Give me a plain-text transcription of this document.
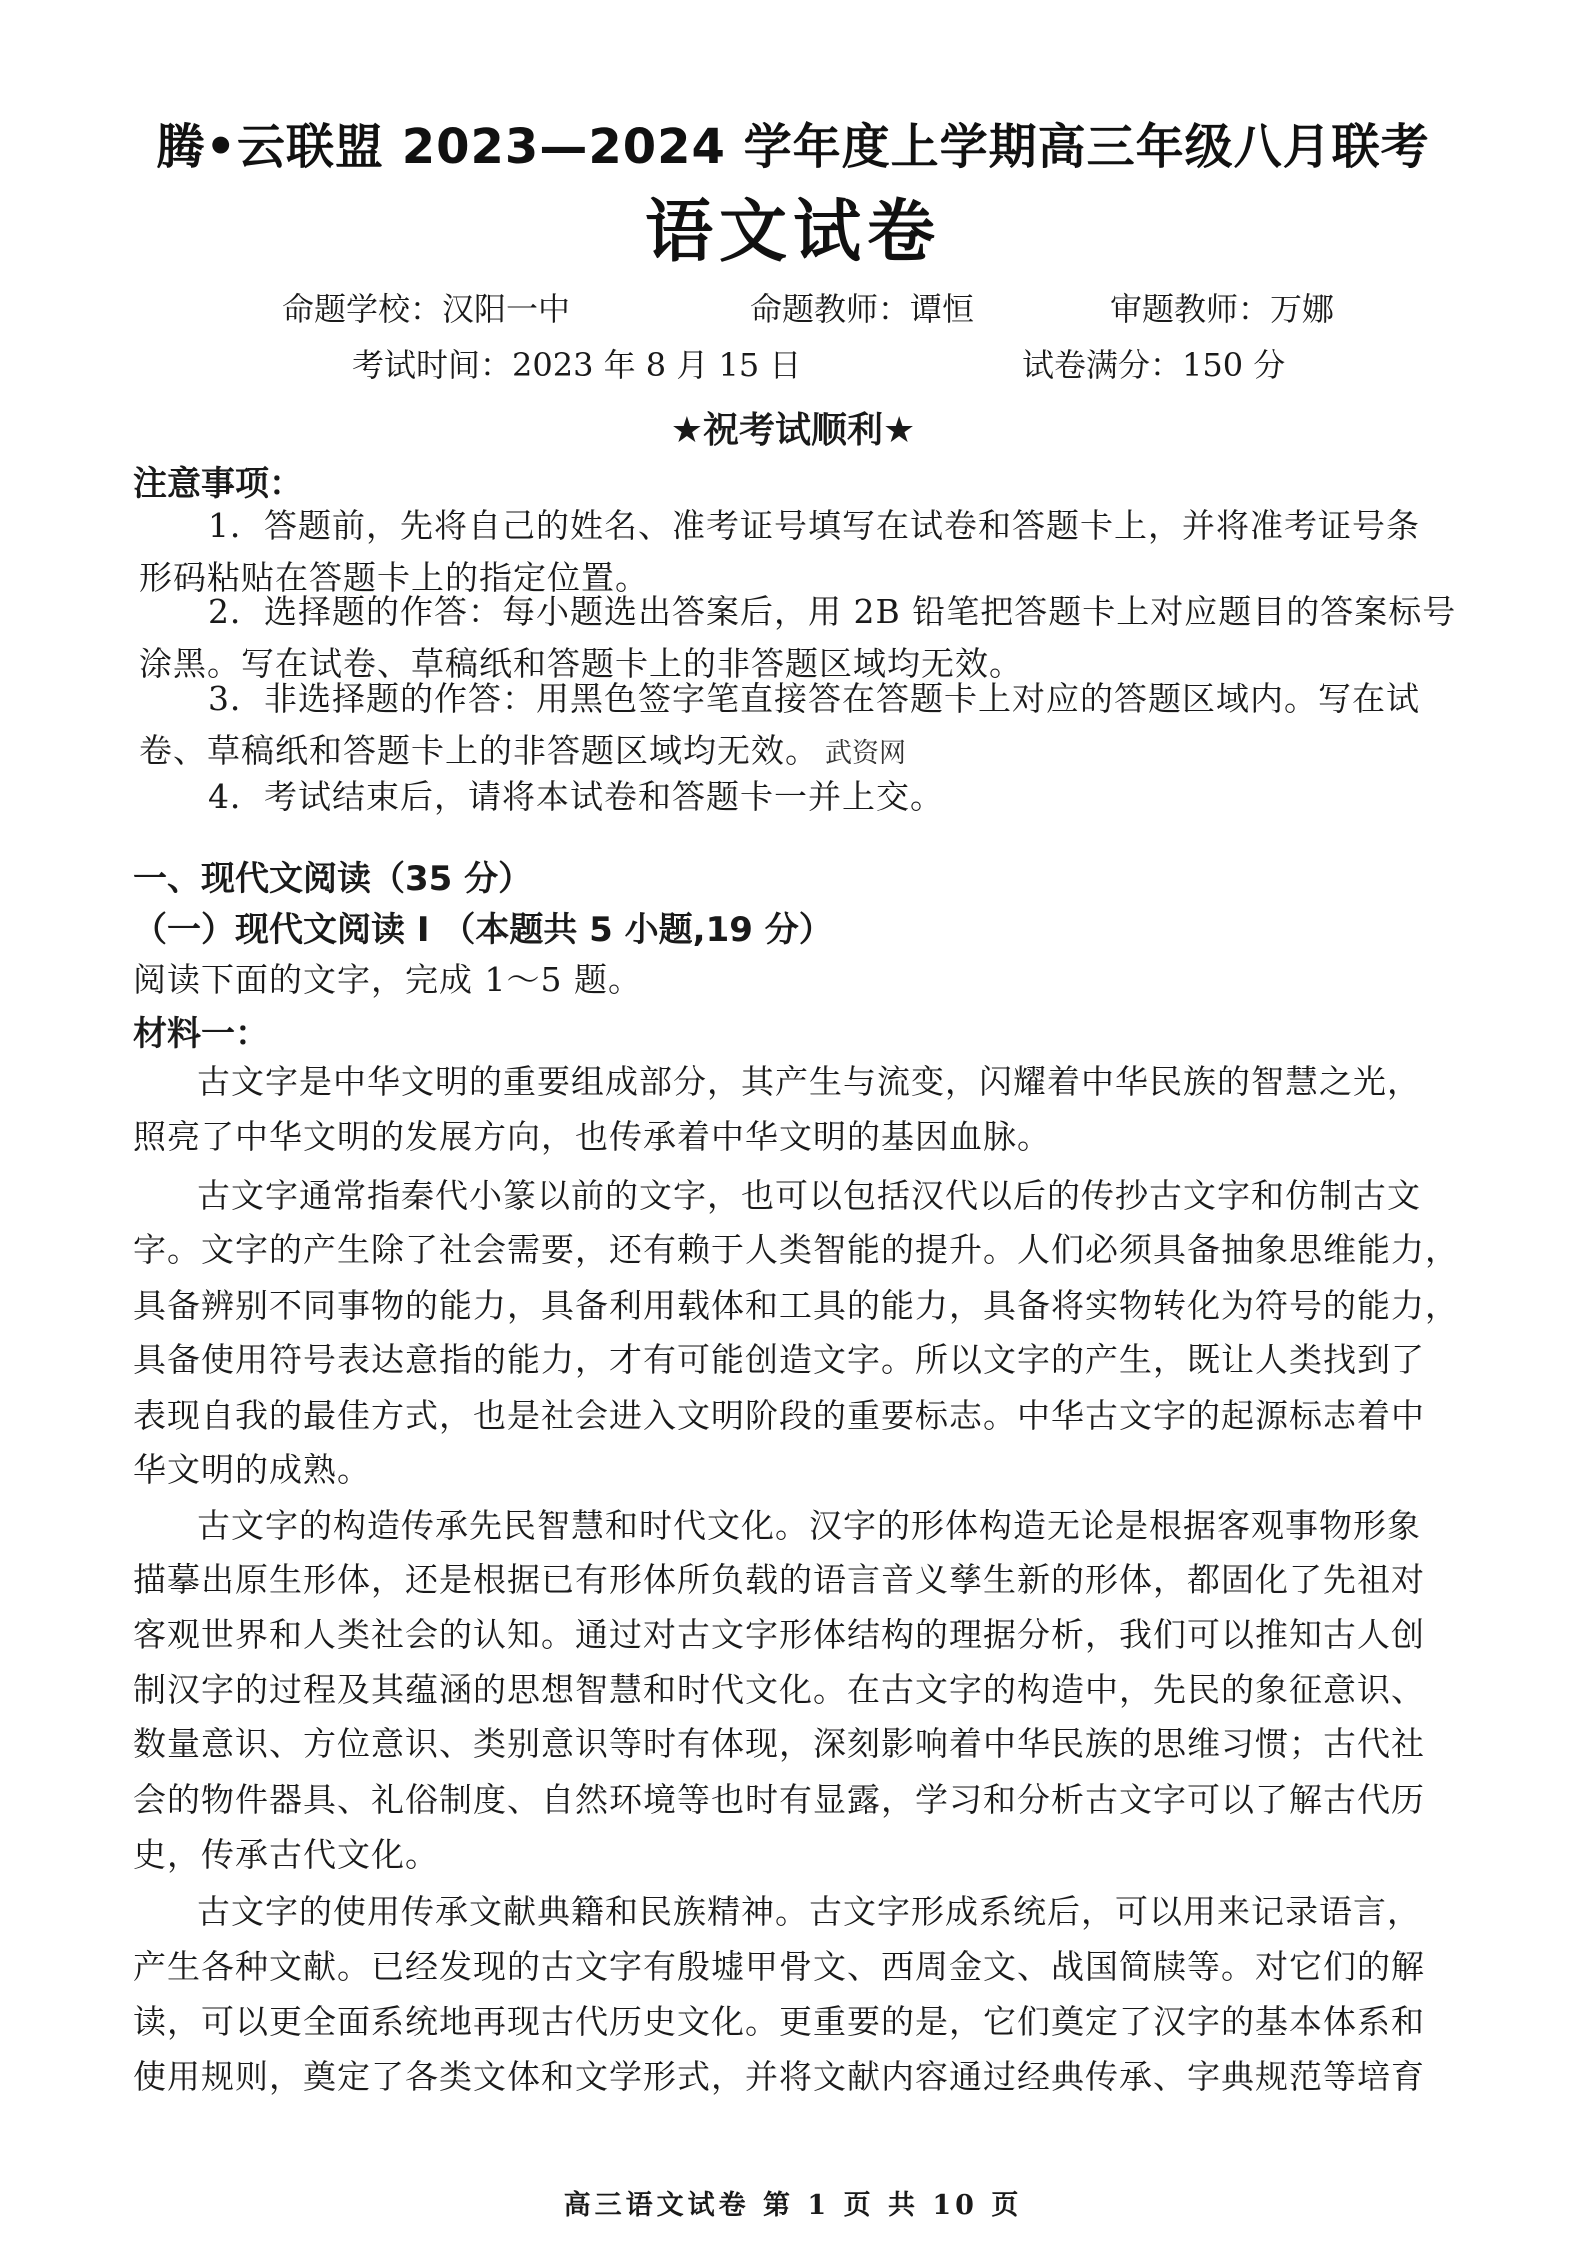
腾•云联盟 2023—2024 学年度上学期高三年级八月联考
语文试卷
命题学校：汉阳一中	命题教师：谭恒	审题教师：万娜
考试时间：2023 年 8 月 15 日	试卷满分：150 分
★祝考试顺利★
注意事项：
1．答题前，先将自己的姓名、准考证号填写在试卷和答题卡上，并将准考证号条
形码粘贴在答题卡上的指定位置。
2．选择题的作答：每小题选出答案后，用 2B 铅笔把答题卡上对应题目的答案标号
涂黑。写在试卷、草稿纸和答题卡上的非答题区域均无效。
3．非选择题的作答：用黑色签字笔直接答在答题卡上对应的答题区域内。写在试
卷、草稿纸和答题卡上的非答题区域均无效。 武资网
4．考试结束后，请将本试卷和答题卡一并上交。
一、现代文阅读（35 分）
（一）现代文阅读 I （本题共 5 小题,19 分）
阅读下面的文字，完成 1～5 题。
材料一：
古文字是中华文明的重要组成部分，其产生与流变，闪耀着中华民族的智慧之光，
照亮了中华文明的发展方向，也传承着中华文明的基因血脉。
古文字通常指秦代小篆以前的文字，也可以包括汉代以后的传抄古文字和仿制古文
字。文字的产生除了社会需要，还有赖于人类智能的提升。人们必须具备抽象思维能力，
具备辨别不同事物的能力，具备利用载体和工具的能力，具备将实物转化为符号的能力，
具备使用符号表达意指的能力，才有可能创造文字。所以文字的产生，既让人类找到了
表现自我的最佳方式，也是社会进入文明阶段的重要标志。中华古文字的起源标志着中
华文明的成熟。
古文字的构造传承先民智慧和时代文化。汉字的形体构造无论是根据客观事物形象
描摹出原生形体，还是根据已有形体所负载的语言音义孳生新的形体，都固化了先祖对
客观世界和人类社会的认知。通过对古文字形体结构的理据分析，我们可以推知古人创
制汉字的过程及其蕴涵的思想智慧和时代文化。在古文字的构造中，先民的象征意识、
数量意识、方位意识、类别意识等时有体现，深刻影响着中华民族的思维习惯；古代社
会的物件器具、礼俗制度、自然环境等也时有显露，学习和分析古文字可以了解古代历
史，传承古代文化。
古文字的使用传承文献典籍和民族精神。古文字形成系统后，可以用来记录语言，
产生各种文献。已经发现的古文字有殷墟甲骨文、西周金文、战国简牍等。对它们的解
读，可以更全面系统地再现古代历史文化。更重要的是，它们奠定了汉字的基本体系和
使用规则，奠定了各类文体和文学形式，并将文献内容通过经典传承、字典规范等培育
高三语文试卷 第 1 页 共 10 页
